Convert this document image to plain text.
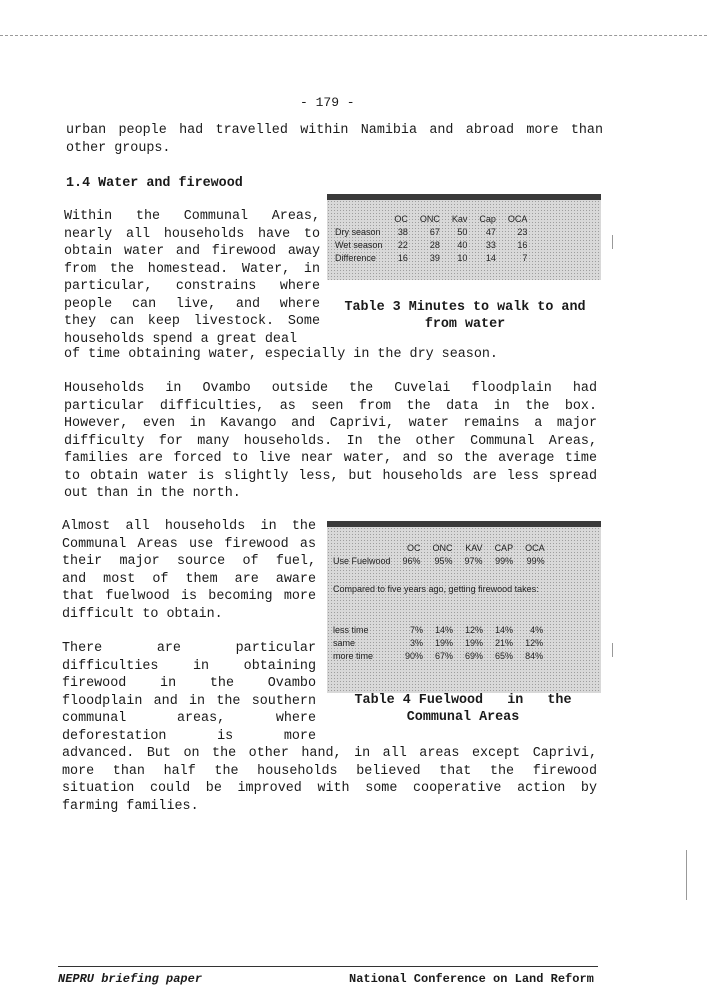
- 179 -
urban people had travelled within Namibia and abroad more than
other groups.
1.4 Water and firewood
Within the Communal Areas,
nearly all households have to
obtain water and firewood away
from the homestead. Water, in
particular, constrains where
people can live, and where
they can keep livestock. Some
households spend a great deal
of time obtaining water, especially in the dry season.
	OC	ONC	Kav	Cap	OCA
Dry season	38	67	50	47	23
Wet season	22	28	40	33	16
Difference	16	39	10	14	7
Table 3 Minutes to walk to and
from water
Households in Ovambo outside the Cuvelai floodplain had
particular difficulties, as seen from the data in the box.
However, even in Kavango and Caprivi, water remains a major
difficulty for many households. In the other Communal Areas,
families are forced to live near water, and so the average time
to obtain water is slightly less, but households are less spread
out than in the north.
Almost all households in the
Communal Areas use firewood as
their major source of fuel,
and most of them are aware
that fuelwood is becoming more
difficult to obtain.
There are particular
difficulties in obtaining
firewood in the Ovambo
floodplain and in the southern
communal areas, where
deforestation is more
advanced. But on the other hand, in all areas except Caprivi,
more than half the households believed that the firewood
situation could be improved with some cooperative action by
farming families.
	OC	ONC	KAV	CAP	OCA
Use Fuelwood	96%	95%	97%	99%	99%
Compared to five years ago, getting firewood takes:
less time	7%	14%	12%	14%	4%
same	3%	19%	19%	21%	12%
more time	90%	67%	69%	65%	84%
Table 4 Fuelwood   in   the
Communal Areas
NEPRU briefing paper	National Conference on Land Reform
